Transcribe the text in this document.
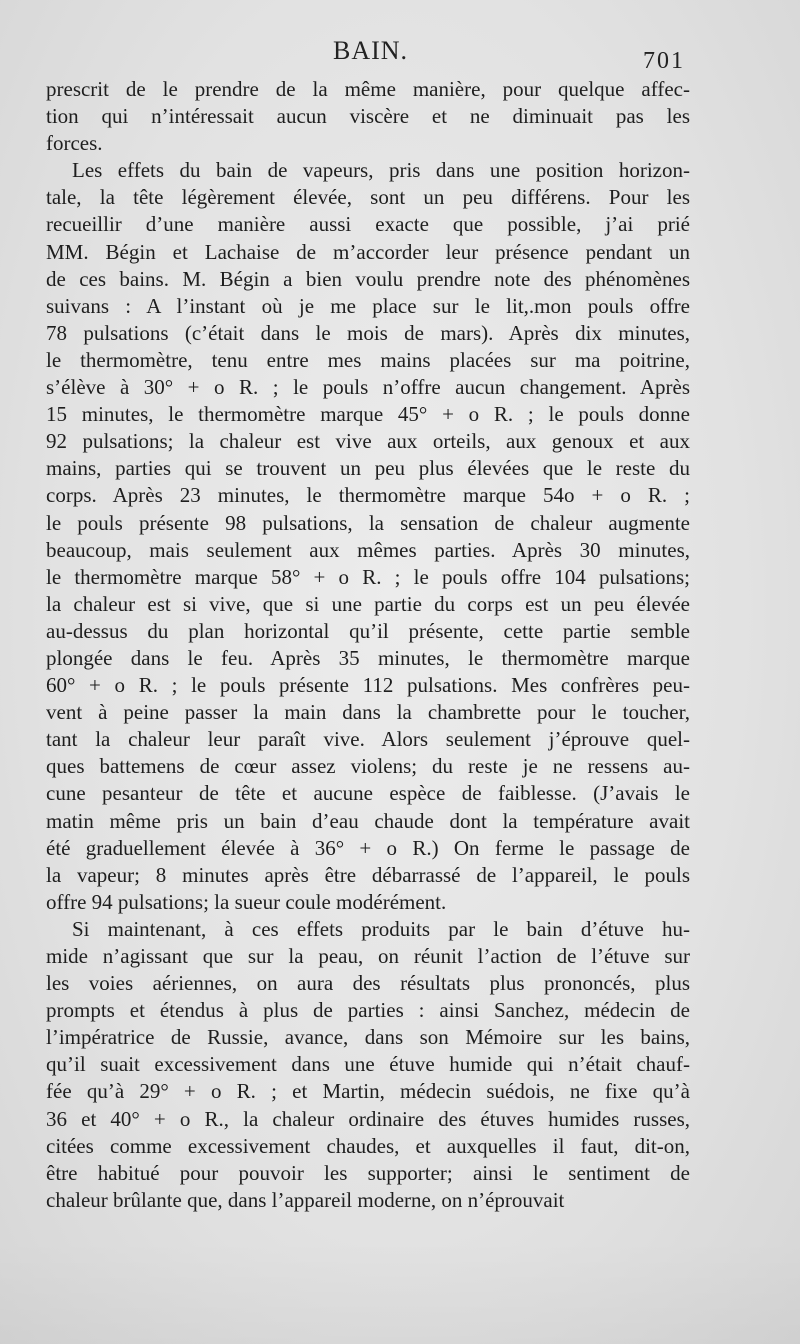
BAIN.	701
prescrit de le prendre de la même manière, pour quelque affec-
tion qui n’intéressait aucun viscère et ne diminuait pas les
forces.
Les effets du bain de vapeurs, pris dans une position horizon-
tale, la tête légèrement élevée, sont un peu différens. Pour les
recueillir d’une manière aussi exacte que possible, j’ai prié
MM. Bégin et Lachaise de m’accorder leur présence pendant un
de ces bains. M. Bégin a bien voulu prendre note des phénomènes
suivans : A l’instant où je me place sur le lit,.mon pouls offre
78 pulsations (c’était dans le mois de mars). Après dix minutes,
le thermomètre, tenu entre mes mains placées sur ma poitrine,
s’élève à 30° + o R. ; le pouls n’offre aucun changement. Après
15 minutes, le thermomètre marque 45° + o R. ; le pouls donne
92 pulsations; la chaleur est vive aux orteils, aux genoux et aux
mains, parties qui se trouvent un peu plus élevées que le reste du
corps. Après 23 minutes, le thermomètre marque 54o + o R. ;
le pouls présente 98 pulsations, la sensation de chaleur augmente
beaucoup, mais seulement aux mêmes parties. Après 30 minutes,
le thermomètre marque 58° + o R. ; le pouls offre 104 pulsations;
la chaleur est si vive, que si une partie du corps est un peu élevée
au-dessus du plan horizontal qu’il présente, cette partie semble
plongée dans le feu. Après 35 minutes, le thermomètre marque
60° + o R. ; le pouls présente 112 pulsations. Mes confrères peu-
vent à peine passer la main dans la chambrette pour le toucher,
tant la chaleur leur paraît vive. Alors seulement j’éprouve quel-
ques battemens de cœur assez violens; du reste je ne ressens au-
cune pesanteur de tête et aucune espèce de faiblesse. (J’avais le
matin même pris un bain d’eau chaude dont la température avait
été graduellement élevée à 36° + o R.) On ferme le passage de
la vapeur; 8 minutes après être débarrassé de l’appareil, le pouls
offre 94 pulsations; la sueur coule modérément.
Si maintenant, à ces effets produits par le bain d’étuve hu-
mide n’agissant que sur la peau, on réunit l’action de l’étuve sur
les voies aériennes, on aura des résultats plus prononcés, plus
prompts et étendus à plus de parties : ainsi Sanchez, médecin de
l’impératrice de Russie, avance, dans son Mémoire sur les bains,
qu’il suait excessivement dans une étuve humide qui n’était chauf-
fée qu’à 29° + o R. ; et Martin, médecin suédois, ne fixe qu’à
36 et 40° + o R., la chaleur ordinaire des étuves humides russes,
citées comme excessivement chaudes, et auxquelles il faut, dit-on,
être habitué pour pouvoir les supporter; ainsi le sentiment de
chaleur brûlante que, dans l’appareil moderne, on n’éprouvait
